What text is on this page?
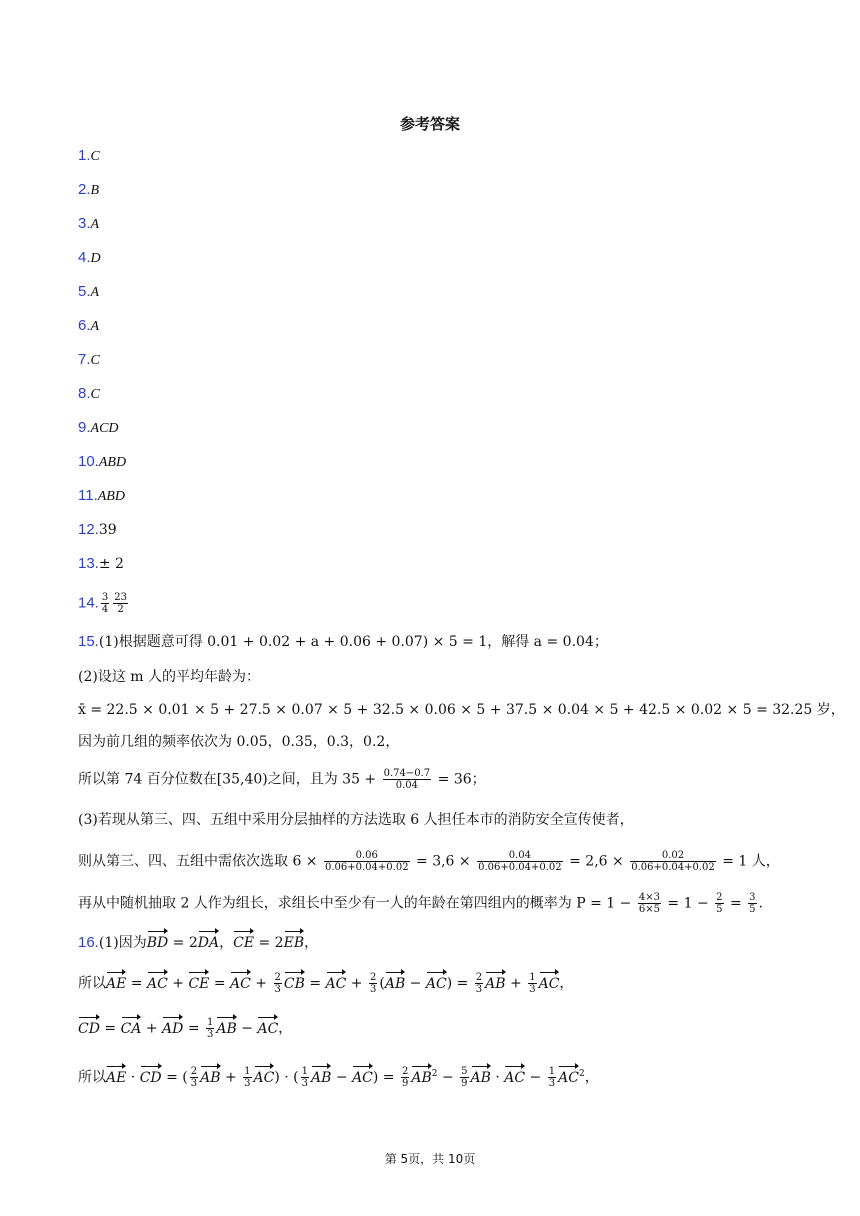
参考答案
1.C
2.B
3.A
4.D
5.A
6.A
7.C
8.C
9.ACD
10.ABD
11.ABD
12.39
13.± 2
14. $\frac{3}{4} \frac{23}{2}$
15.(1)根据题意可得 0.01 + 0.02 + a + 0.06 + 0.07) × 5 = 1，解得 a = 0.04；
(2)设这 m 人的平均年龄为：
x̄ = 22.5 × 0.01 × 5 + 27.5 × 0.07 × 5 + 32.5 × 0.06 × 5 + 37.5 × 0.04 × 5 + 42.5 × 0.02 × 5 = 32.25 岁，
因为前几组的频率依次为 0.05，0.35，0.3，0.2，
所以第 74 百分位数在[35,40)之间，且为 $35 + \frac{0.74-0.7}{0.04} = 36$；
(3)若现从第三、四、五组中采用分层抽样的方法选取 6 人担任本市的消防安全宣传使者，
则从第三、四、五组中需依次选取 $6 \times \frac{0.06}{0.06+0.04+0.02} = 3,6 \times \frac{0.04}{0.06+0.04+0.02} = 2,6 \times \frac{0.02}{0.06+0.04+0.02} = 1$ 人，
再从中随机抽取 2 人作为组长，求组长中至少有一人的年龄在第四组内的概率为 $P = 1 - \frac{4\times 3}{6\times 5} = 1 - \frac{2}{5} = \frac{3}{5}$ .
16.(1)因为BD = 2DA，CE = 2EB，
所以AE = AC + CE = AC + $\frac{2}{3}$ CB = AC + $\frac{2}{3} (AB - AC) = \frac{2}{3}$ AB + $\frac{1}{3}$ AC，
CD = CA + AD = $\frac{1}{3}$ AB − AC，
所以AE · CD = ( $\frac{2}{3}$ AB + $\frac{1}{3} AC$) · ( $\frac{1}{3}$ AB − $AC) = \frac{2}{9} AB^2 - \frac{5}{9}$ AB · AC − $\frac{1}{3} AC^2$，
第 5页，共 10页
